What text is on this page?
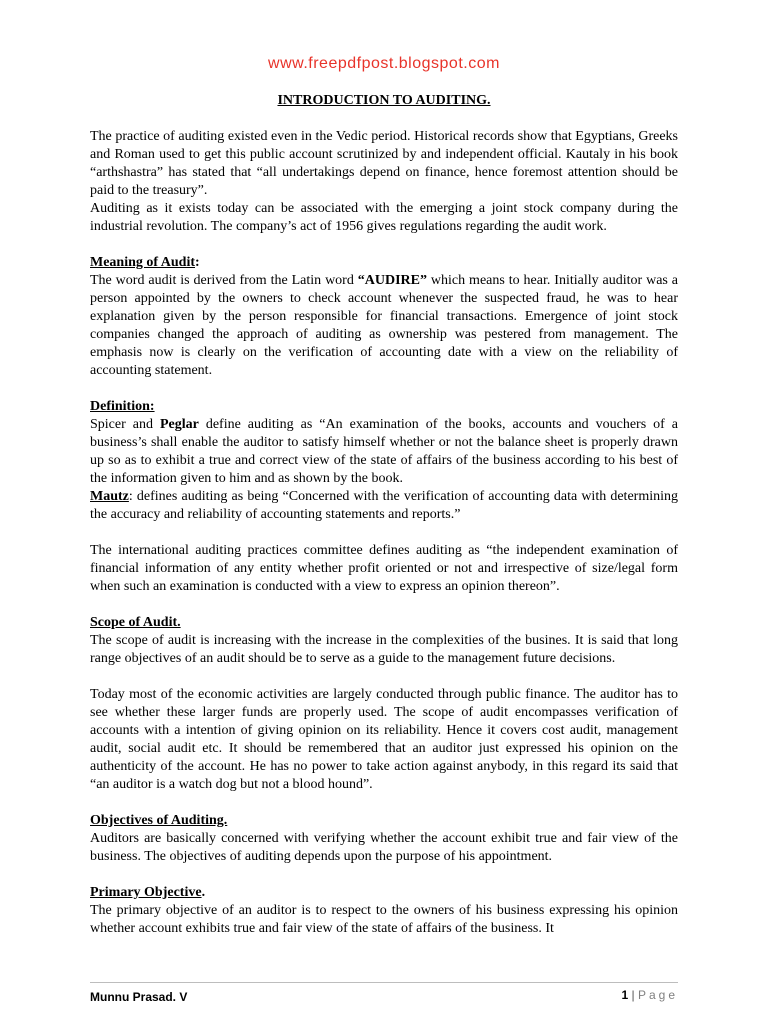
www.freepdfpost.blogspot.com
INTRODUCTION TO AUDITING.

The practice of auditing existed even in the Vedic period. Historical records show that Egyptians, Greeks and Roman used to get this public account scrutinized by and independent official. Kautaly in his book “arthshastra” has stated that “all undertakings depend on finance, hence foremost attention should be paid to the treasury”.

Auditing as it exists today can be associated with the emerging a joint stock company during the industrial revolution. The company’s act of 1956 gives regulations regarding the audit work.

Meaning of Audit:

The word audit is derived from the Latin word “AUDIRE” which means to hear. Initially auditor was a person appointed by the owners to check account whenever the suspected fraud, he was to hear explanation given by the person responsible for financial transactions. Emergence of joint stock companies changed the approach of auditing as ownership was pestered from management. The emphasis now is clearly on the verification of accounting date with a view on the reliability of accounting statement.

Definition:

Spicer and Peglar define auditing as “An examination of the books, accounts and vouchers of a business’s shall enable the auditor to satisfy himself whether or not the balance sheet is properly drawn up so as to exhibit a true and correct view of the state of affairs of the business according to his best of the information given to him and as shown by the book.

Mautz: defines auditing as being “Concerned with the verification of accounting data with determining the accuracy and reliability of accounting statements and reports.”

The international auditing practices committee defines auditing as “the independent examination of financial information of any entity whether profit oriented or not and irrespective of size/legal form when such an examination is conducted with a view to express an opinion thereon”.

Scope of Audit.

The scope of audit is increasing with the increase in the complexities of the busines. It is said that long range objectives of an audit should be to serve as a guide to the management future decisions.

Today most of the economic activities are largely conducted through public finance. The auditor has to see whether these larger funds are properly used. The scope of audit encompasses verification of accounts with a intention of giving opinion on its reliability. Hence it covers cost audit, management audit, social audit etc. It should be remembered that an auditor just expressed his opinion on the authenticity of the account. He has no power to take action against anybody, in this regard its said that “an auditor is a watch dog but not a blood hound”.

Objectives of Auditing.

Auditors are basically concerned with verifying whether the account exhibit true and fair view of the business. The objectives of auditing depends upon the purpose of his appointment.

Primary Objective.

The primary objective of an auditor is to respect to the owners of his business expressing his opinion whether account exhibits true and fair view of the state of affairs of the business. It

Munnu Prasad. V	1 | Page
